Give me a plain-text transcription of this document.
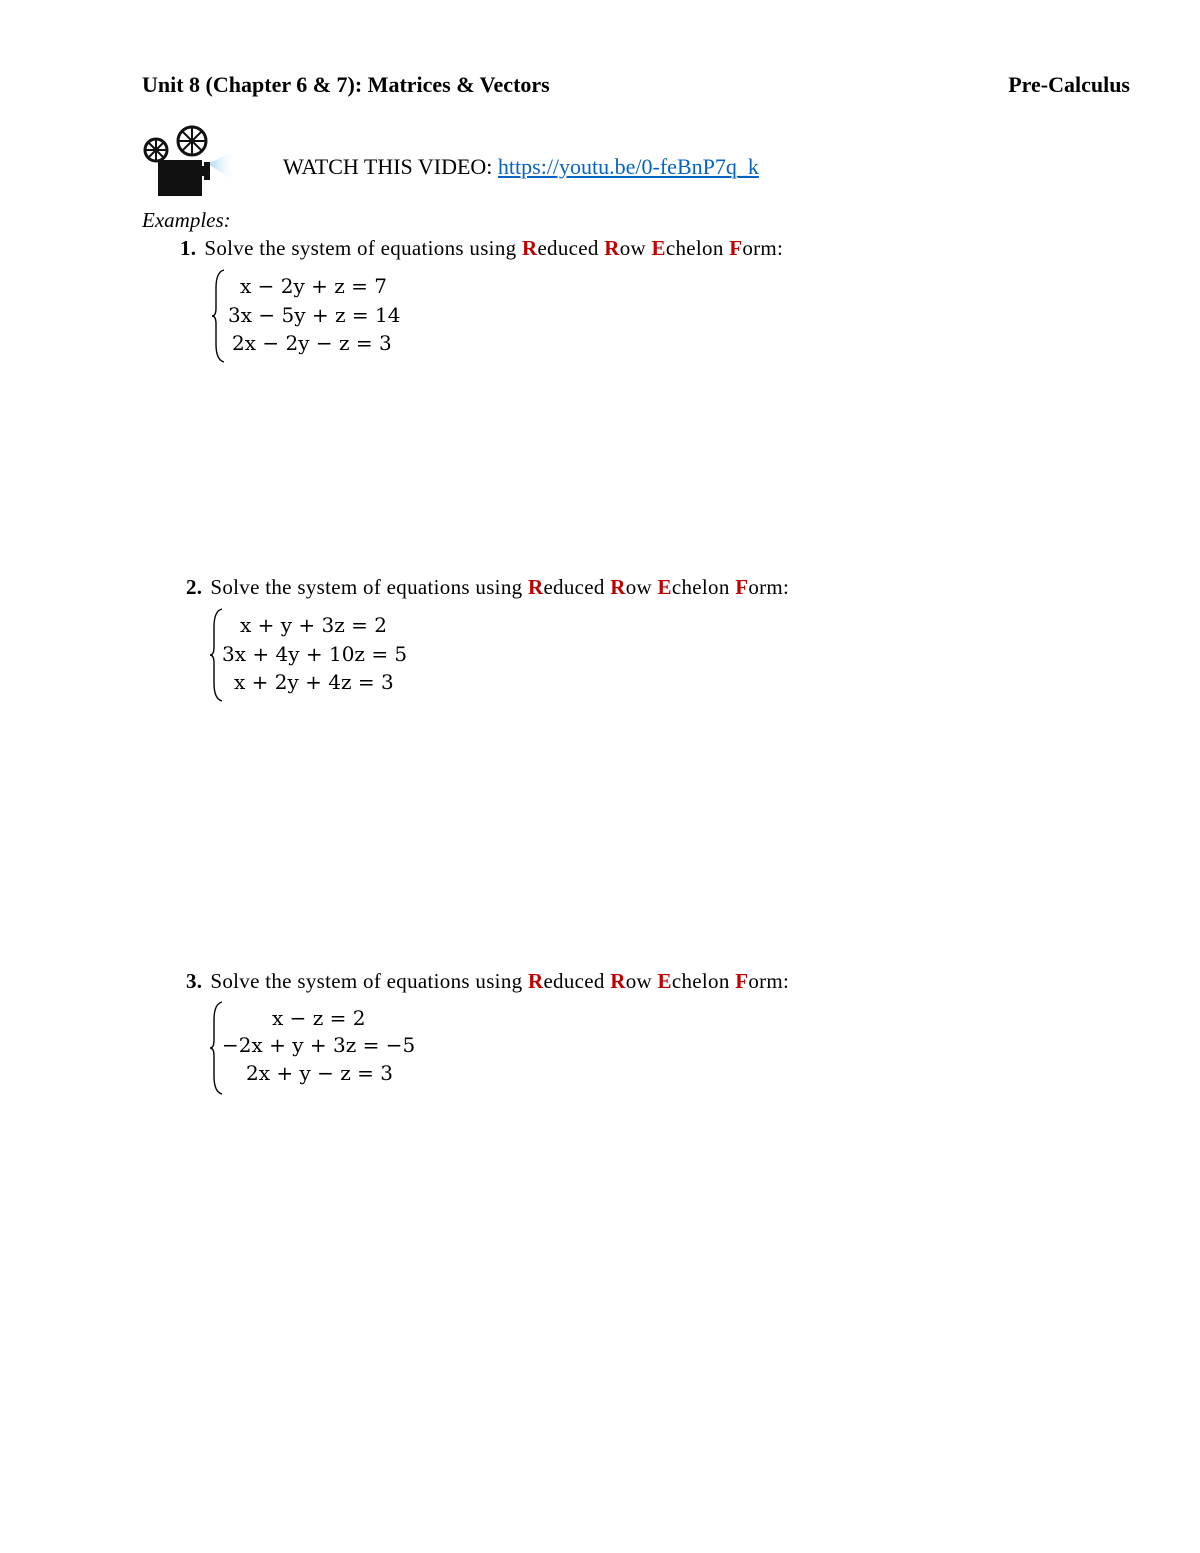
Unit 8 (Chapter 6 & 7): Matrices & Vectors	Pre-Calculus
WATCH THIS VIDEO: https://youtu.be/0-feBnP7q_k
Examples:
1. Solve the system of equations using Reduced Row Echelon Form:
x − 2y + z = 7
3x − 5y + z = 14
2x − 2y − z = 3
2. Solve the system of equations using Reduced Row Echelon Form:
x + y + 3z = 2
3x + 4y + 10z = 5
x + 2y + 4z = 3
3. Solve the system of equations using Reduced Row Echelon Form:
x − z = 2
−2x + y + 3z = −5
2x + y − z = 3
